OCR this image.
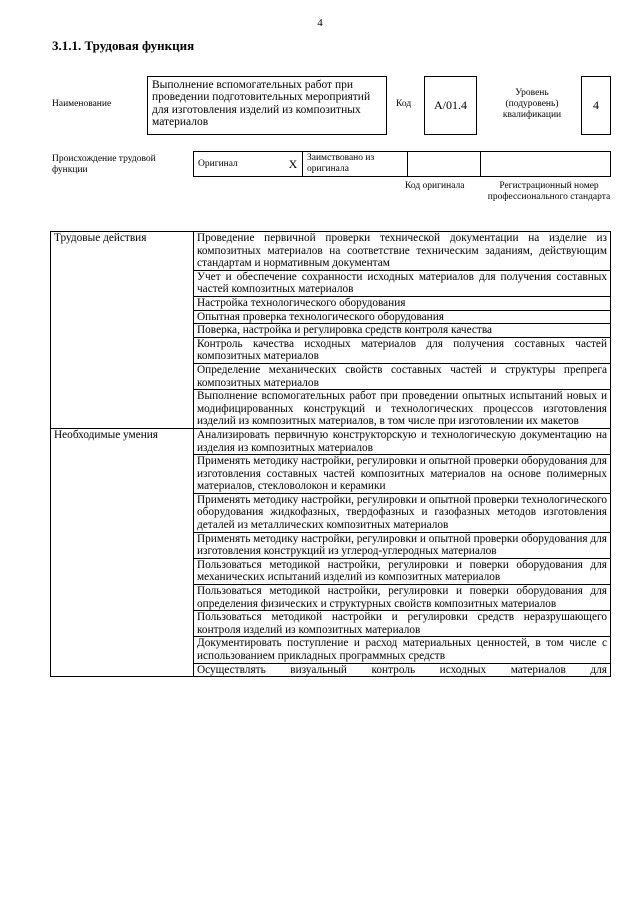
4
3.1.1. Трудовая функция
Наименование
Выполнение вспомогательных работ при проведении подготовительных мероприятий для изготовления изделий из композитных материалов
Код	А/01.4
Уровень (подуровень) квалификации
4
Происхождение трудовой функции
Оригинал	X	Заимствовано из оригинала		
Код оригинала	Регистрационный номер профессионального стандарта
Трудовые действия	Проведение первичной проверки технической документации на изделие из композитных материалов на соответствие техническим заданиям, действующим стандартам и нормативным документам
	Учет и обеспечение сохранности исходных материалов для получения составных частей композитных материалов
	Настройка технологического оборудования
	Опытная проверка технологического оборудования
	Поверка, настройка и регулировка средств контроля качества
	Контроль качества исходных материалов для получения составных частей композитных материалов
	Определение механических свойств составных частей и структуры препрега композитных материалов
	Выполнение вспомогательных работ при проведении опытных испытаний новых и модифицированных конструкций и технологических процессов изготовления изделий из композитных материалов, в том числе при изготовлении их макетов
Необходимые умения	Анализировать первичную конструкторскую и технологическую документацию на изделия из композитных материалов
	Применять методику настройки, регулировки и опытной проверки оборудования для изготовления составных частей композитных материалов на основе полимерных материалов, стекловолокон и керамики
	Применять методику настройки, регулировки и опытной проверки технологического оборудования жидкофазных, твердофазных и газофазных методов изготовления деталей из металлических композитных материалов
	Применять методику настройки, регулировки и опытной проверки оборудования для изготовления конструкций из углерод-углеродных материалов
	Пользоваться методикой настройки, регулировки и поверки оборудования для механических испытаний изделий из композитных материалов
	Пользоваться методикой настройки, регулировки и поверки оборудования для определения физических и структурных свойств композитных материалов
	Пользоваться методикой настройки и регулировки средств неразрушающего контроля изделий из композитных материалов
	Документировать поступление и расход материальных ценностей, в том числе с использованием прикладных программных средств
	Осуществлять визуальный контроль исходных материалов для
